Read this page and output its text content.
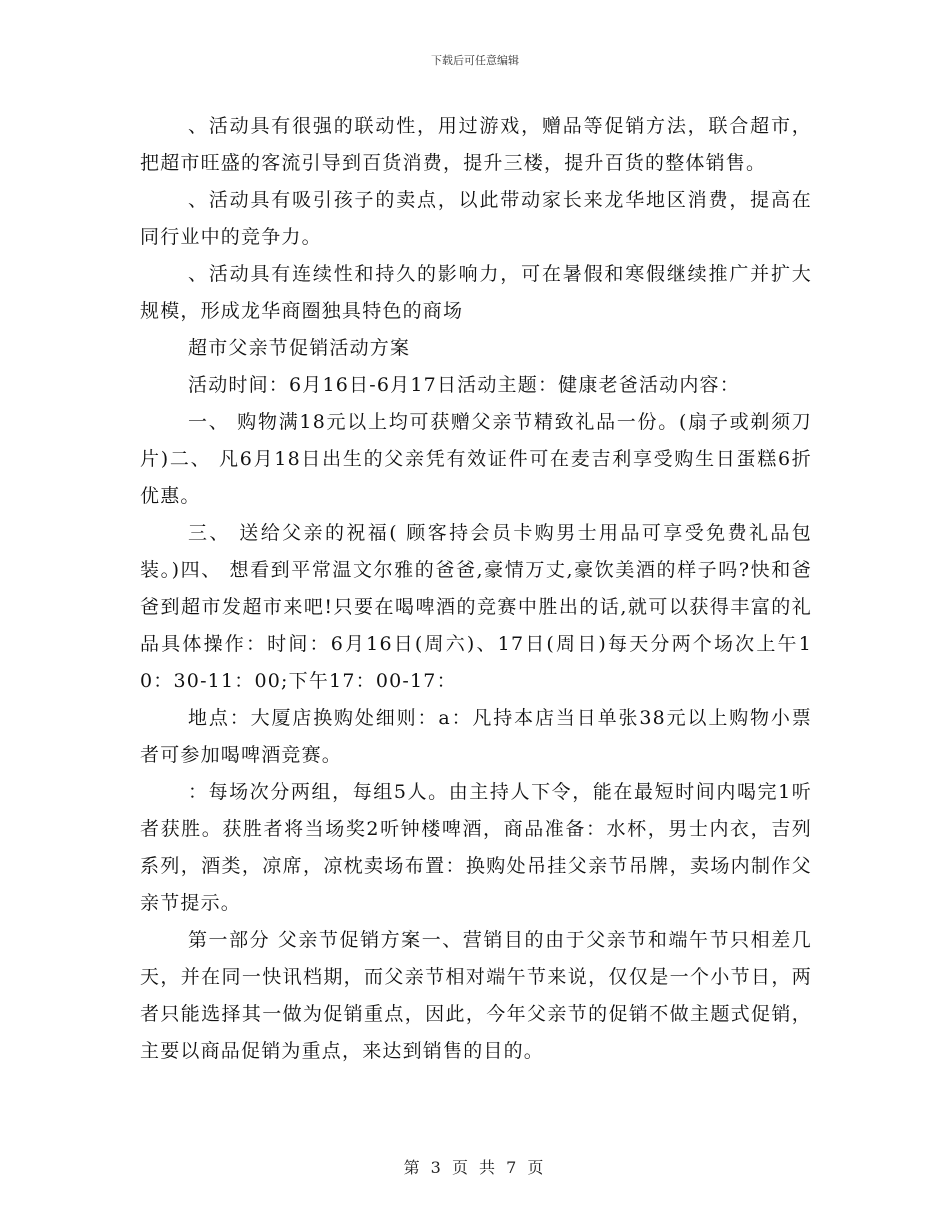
下载后可任意编辑

、活动具有很强的联动性，用过游戏，赠品等促销方法，联合超市，把超市旺盛的客流引导到百货消费，提升三楼，提升百货的整体销售。

、活动具有吸引孩子的卖点，以此带动家长来龙华地区消费，提高在同行业中的竞争力。

、活动具有连续性和持久的影响力，可在暑假和寒假继续推广并扩大规模，形成龙华商圈独具特色的商场

超市父亲节促销活动方案

活动时间：6月16日-6月17日活动主题：健康老爸活动内容：

一、 购物满18元以上均可获赠父亲节精致礼品一份。(扇子或剃须刀片)二、 凡6月18日出生的父亲凭有效证件可在麦吉利享受购生日蛋糕6折优惠。

三、 送给父亲的祝福( 顾客持会员卡购男士用品可享受免费礼品包装。)四、 想看到平常温文尔雅的爸爸,豪情万丈,豪饮美酒的样子吗?快和爸爸到超市发超市来吧!只要在喝啤酒的竞赛中胜出的话,就可以获得丰富的礼品具体操作：时间：6月16日(周六)、17日(周日)每天分两个场次上午10：30-11：00;下午17：00-17：

地点：大厦店换购处细则：a：凡持本店当日单张38元以上购物小票者可参加喝啤酒竞赛。

：每场次分两组，每组5人。由主持人下令，能在最短时间内喝完1听者获胜。获胜者将当场奖2听钟楼啤酒，商品准备：水杯，男士内衣，吉列系列，酒类，凉席，凉枕卖场布置：换购处吊挂父亲节吊牌，卖场内制作父亲节提示。

第一部分 父亲节促销方案一、营销目的由于父亲节和端午节只相差几天，并在同一快讯档期，而父亲节相对端午节来说，仅仅是一个小节日，两者只能选择其一做为促销重点，因此，今年父亲节的促销不做主题式促销，主要以商品促销为重点，来达到销售的目的。

第 3 页 共 7 页
